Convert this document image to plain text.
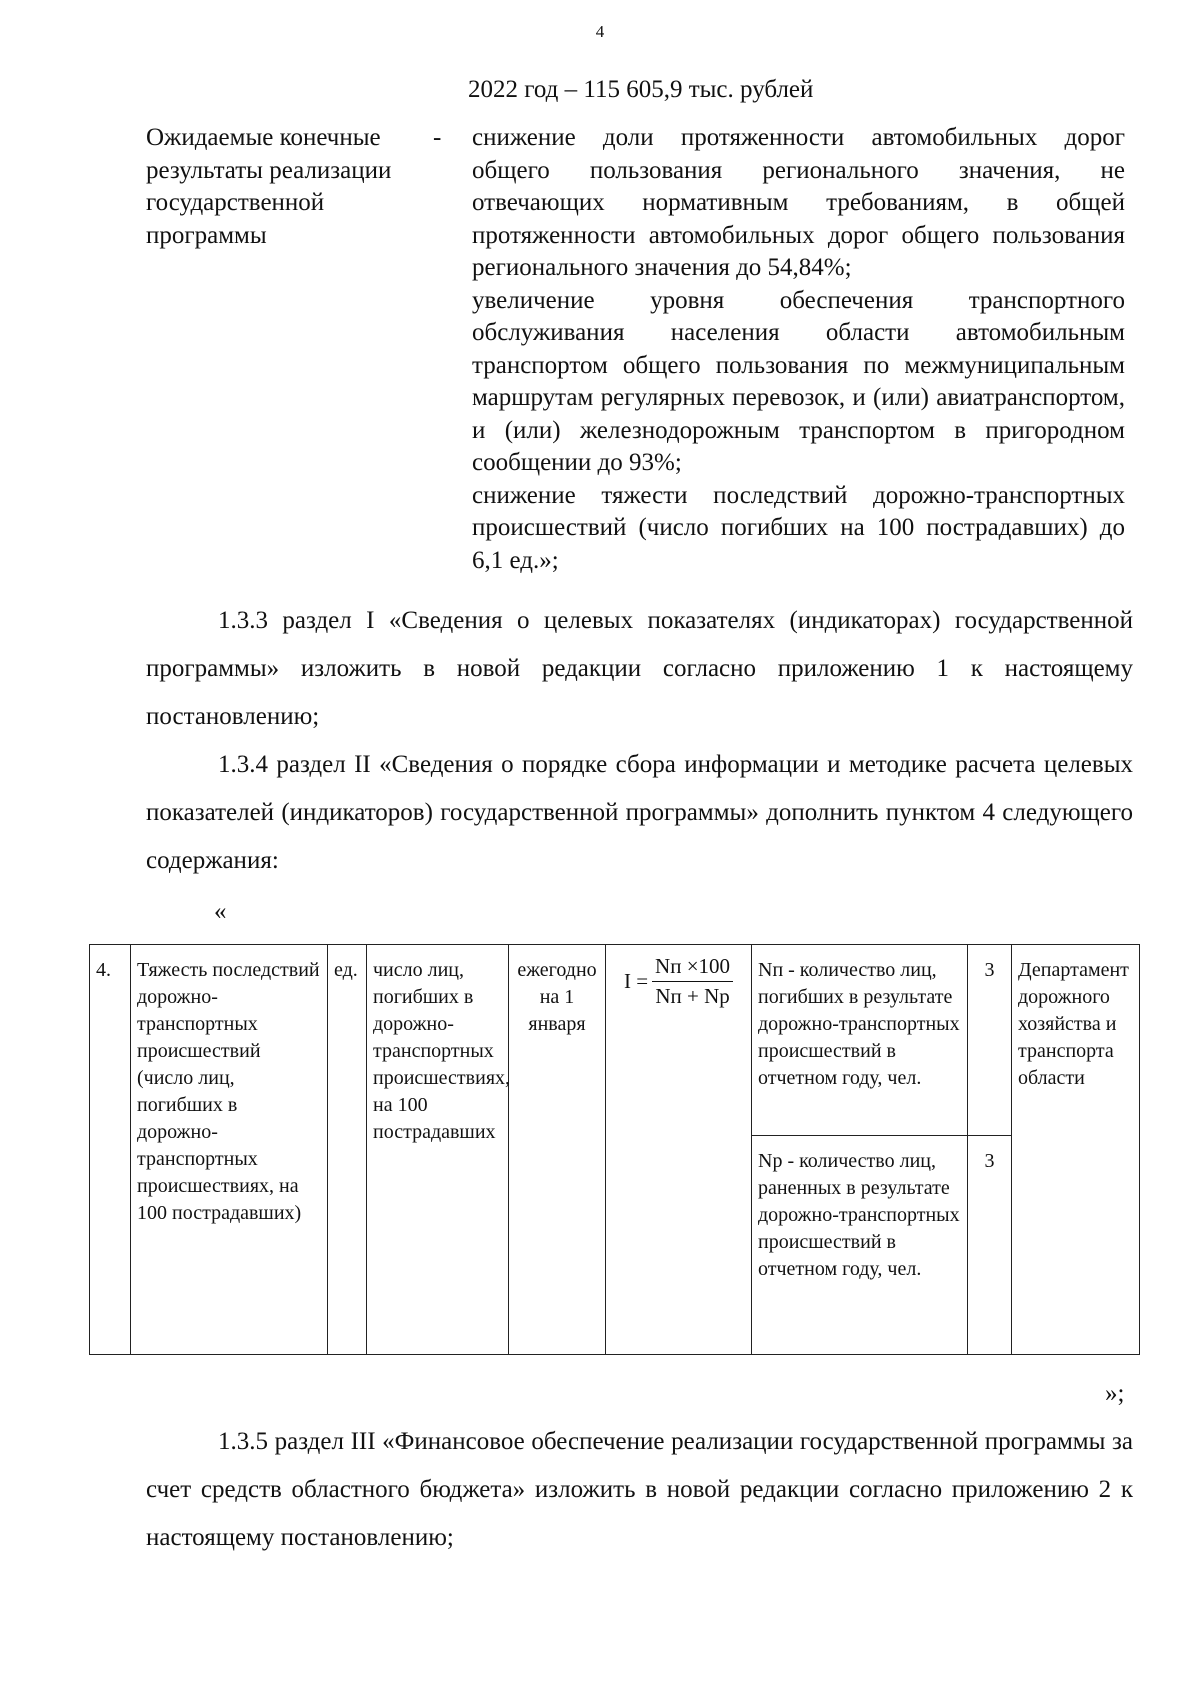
4
2022 год – 115 605,9 тыс. рублей
Ожидаемые конечные результаты реализации государственной программы
- снижение доли протяженности автомобильных дорог общего пользования регионального значения, не отвечающих нормативным требованиям, в общей протяженности автомобильных дорог общего пользования регионального значения до 54,84%;

увеличение уровня обеспечения транспортного обслуживания населения области автомобильным транспортом общего пользования по межмуниципальным маршрутам регулярных перевозок, и (или) авиатранспортом, и (или) железнодорожным транспортом в пригородном сообщении до 93%;

снижение тяжести последствий дорожно-транспортных происшествий (число погибших на 100 пострадавших) до 6,1 ед.»;

1.3.3 раздел I «Сведения о целевых показателях (индикаторах) государственной программы» изложить в новой редакции согласно приложению 1 к настоящему постановлению;
1.3.4 раздел II «Сведения о порядке сбора информации и методике расчета целевых показателей (индикаторов) государственной программы» дополнить пунктом 4 следующего содержания:
«
4.	Тяжесть последствий дорожно-транспортных происшествий (число лиц, погибших в дорожно-транспортных происшествиях, на 100 пострадавших)	ед.	число лиц, погибших в дорожно-транспортных происшествиях, на 100 пострадавших	ежегодно на 1 января	$I = \frac{Nп \times 100}{Nп + Nр}$	Nп - количество лиц, погибших в результате дорожно-транспортных происшествий в отчетном году, чел.	3	Департамент дорожного хозяйства и транспорта области
						Nр - количество лиц, раненных в результате дорожно-транспортных происшествий в отчетном году, чел.	3	
»;
1.3.5 раздел III «Финансовое обеспечение реализации государственной программы за счет средств областного бюджета» изложить в новой редакции согласно приложению 2 к настоящему постановлению;
